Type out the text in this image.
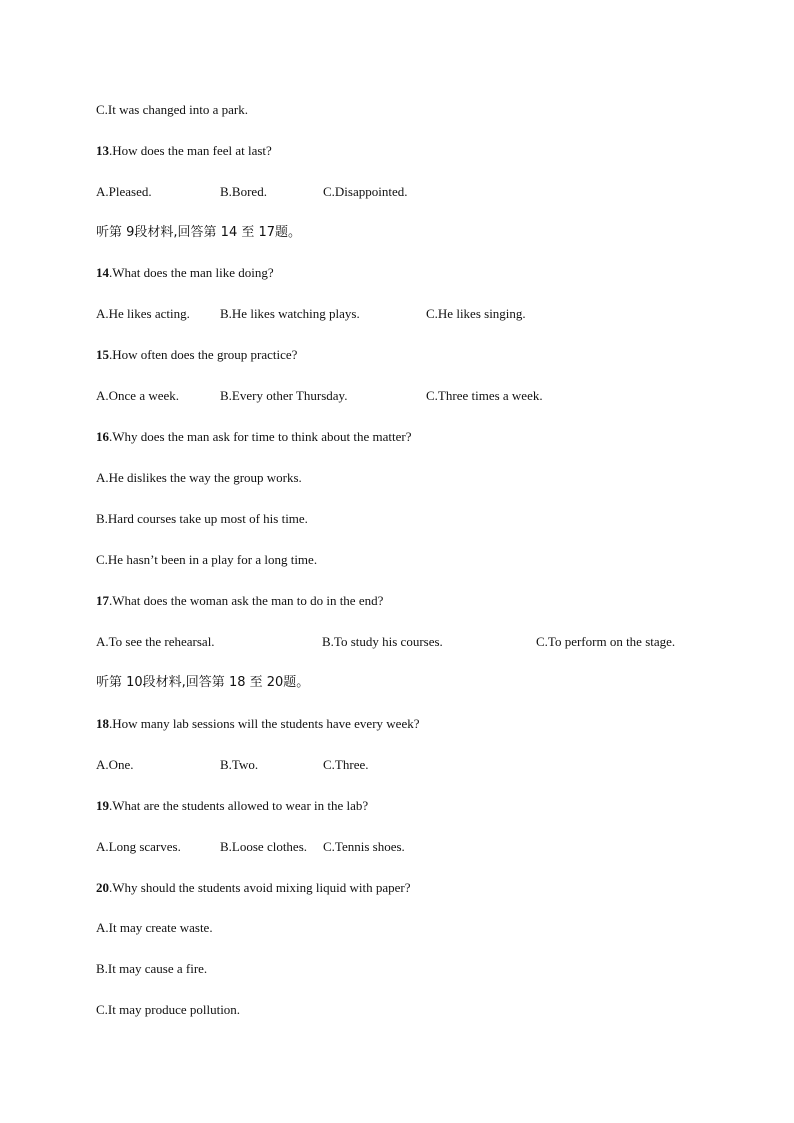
C.It was changed into a park.
13.How does the man feel at last?
A.Pleased.	B.Bored.	C.Disappointed.
听第 9段材料,回答第 14 至 17题。
14.What does the man like doing?
A.He likes acting. B.He likes watching plays.	C.He likes singing.
15.How often does the group practice?
A.Once a week.	B.Every other Thursday.	C.Three times a week.
16.Why does the man ask for time to think about the matter?
A.He dislikes the way the group works.
B.Hard courses take up most of his time.
C.He hasn’t been in a play for a long time.
17.What does the woman ask the man to do in the end?
A.To see the rehearsal.	B.To study his courses.	C.To perform on the stage.
听第 10段材料,回答第 18 至 20题。
18.How many lab sessions will the students have every week?
A.One.	B.Two.	C.Three.
19.What are the students allowed to wear in the lab?
A.Long scarves.	B.Loose clothes. C.Tennis shoes.
20.Why should the students avoid mixing liquid with paper?
A.It may create waste.
B.It may cause a fire.
C.It may produce pollution.
